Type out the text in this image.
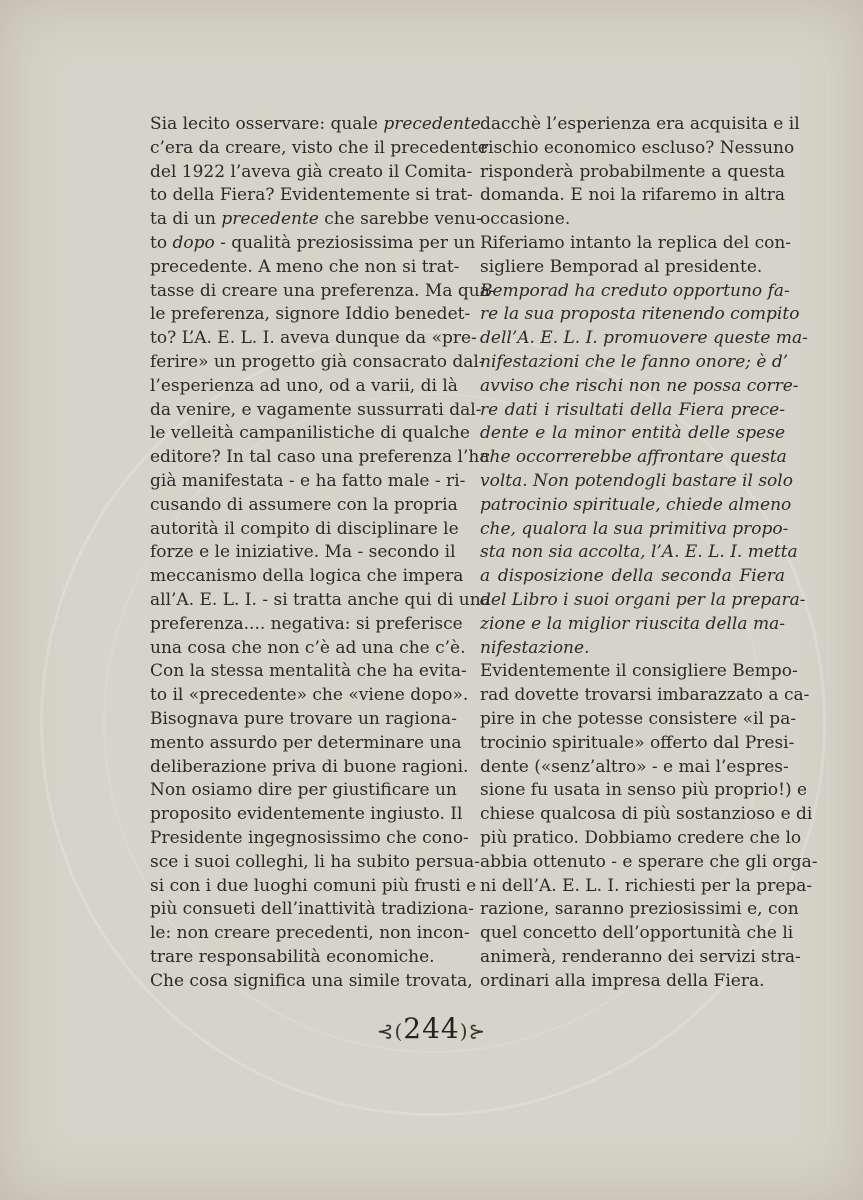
Sia lecito osservare: quale precedente
c’era da creare, visto che il precedente
del 1922 l’aveva già creato il Comita-
to della Fiera? Evidentemente si trat-
ta di un precedente che sarebbe venu-
to dopo - qualità preziosissima per un
precedente. A meno che non si trat-
tasse di creare una preferenza. Ma qua-
le preferenza, signore Iddio benedet-
to? L’A. E. L. I. aveva dunque da «pre-
ferire» un progetto già consacrato dal-
l’esperienza ad uno, od a varii, di là
da venire, e vagamente sussurrati dal-
le velleità campanilistiche di qualche
editore? In tal caso una preferenza l’ha
già manifestata - e ha fatto male - ri-
cusando di assumere con la propria
autorità il compito di disciplinare le
forze e le iniziative. Ma - secondo il
meccanismo della logica che impera
all’A. E. L. I. - si tratta anche qui di una
preferenza.... negativa: si preferisce
una cosa che non c’è ad una che c’è.
Con la stessa mentalità che ha evita-
to il «precedente» che «viene dopo».
Bisognava pure trovare un ragiona-
mento assurdo per determinare una
deliberazione priva di buone ragioni.
Non osiamo dire per giustificare un
proposito evidentemente ingiusto. Il
Presidente ingegnosissimo che cono-
sce i suoi colleghi, li ha subito persua-
si con i due luoghi comuni più frusti e
più consueti dell’inattività tradiziona-
le: non creare precedenti, non incon-
trare responsabilità economiche.
Che cosa significa una simile trovata,
dacchè l’esperienza era acquisita e il
rischio economico escluso? Nessuno
risponderà probabilmente a questa
domanda. E noi la rifaremo in altra
occasione.
Riferiamo intanto la replica del con-
sigliere Bemporad al presidente.
Bemporad ha creduto opportuno fa-
re la sua proposta ritenendo compito
dell’A. E. L. I. promuovere queste ma-
nifestazioni che le fanno onore; è d’
avviso che rischi non ne possa corre-
re dati i risultati della Fiera prece-
dente e la minor entità delle spese
che occorrerebbe affrontare questa
volta. Non potendogli bastare il solo
patrocinio spirituale, chiede almeno
che, qualora la sua primitiva propo-
sta non sia accolta, l’A. E. L. I. metta
a disposizione della seconda Fiera
del Libro i suoi organi per la prepara-
zione e la miglior riuscita della ma-
nifestazione.
Evidentemente il consigliere Bempo-
rad dovette trovarsi imbarazzato a ca-
pire in che potesse consistere «il pa-
trocinio spirituale» offerto dal Presi-
dente («senz’altro» - e mai l’espres-
sione fu usata in senso più proprio!) e
chiese qualcosa di più sostanzioso e di
più pratico. Dobbiamo credere che lo
abbia ottenuto - e sperare che gli orga-
ni dell’A. E. L. I. richiesti per la prepa-
razione, saranno preziosissimi e, con
quel concetto dell’opportunità che li
animerà, renderanno dei servizi stra-
ordinari alla impresa della Fiera.
⊰(244)⊱
